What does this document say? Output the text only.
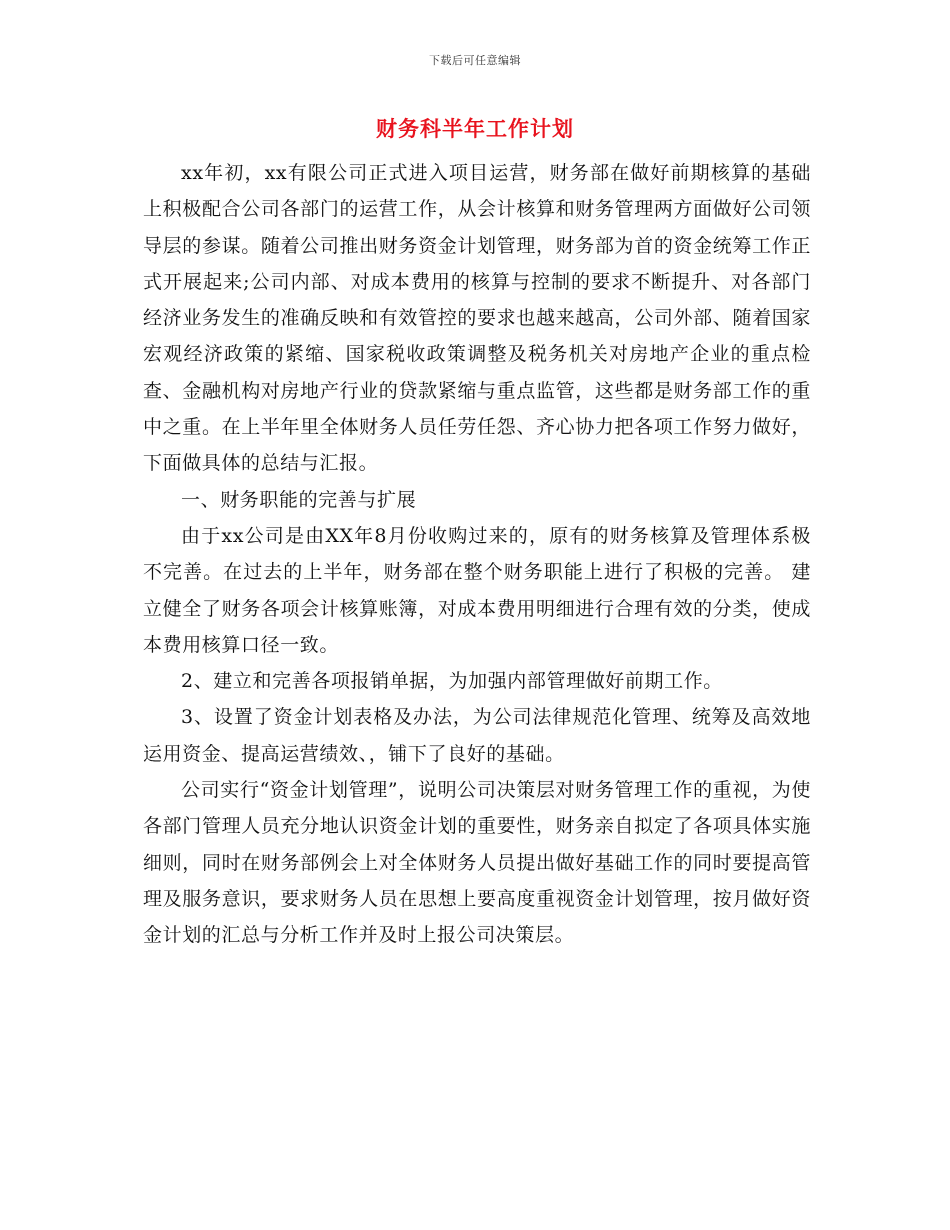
下载后可任意编辑
财务科半年工作计划

xx年初，xx有限公司正式进入项目运营，财务部在做好前期核算的基础上积极配合公司各部门的运营工作，从会计核算和财务管理两方面做好公司领导层的参谋。随着公司推出财务资金计划管理，财务部为首的资金统筹工作正式开展起来;公司内部、对成本费用的核算与控制的要求不断提升、对各部门经济业务发生的准确反映和有效管控的要求也越来越高，公司外部、随着国家宏观经济政策的紧缩、国家税收政策调整及税务机关对房地产企业的重点检查、金融机构对房地产行业的贷款紧缩与重点监管，这些都是财务部工作的重中之重。在上半年里全体财务人员任劳任怨、齐心协力把各项工作努力做好，下面做具体的总结与汇报。

一、财务职能的完善与扩展

由于xx公司是由XX年8月份收购过来的，原有的财务核算及管理体系极不完善。在过去的上半年，财务部在整个财务职能上进行了积极的完善。 建立健全了财务各项会计核算账簿，对成本费用明细进行合理有效的分类，使成本费用核算口径一致。

2、建立和完善各项报销单据，为加强内部管理做好前期工作。

3、设置了资金计划表格及办法，为公司法律规范化管理、统筹及高效地运用资金、提高运营绩效、，铺下了良好的基础。

公司实行“资金计划管理”，说明公司决策层对财务管理工作的重视，为使各部门管理人员充分地认识资金计划的重要性，财务亲自拟定了各项具体实施细则，同时在财务部例会上对全体财务人员提出做好基础工作的同时要提高管理及服务意识，要求财务人员在思想上要高度重视资金计划管理，按月做好资金计划的汇总与分析工作并及时上报公司决策层。
